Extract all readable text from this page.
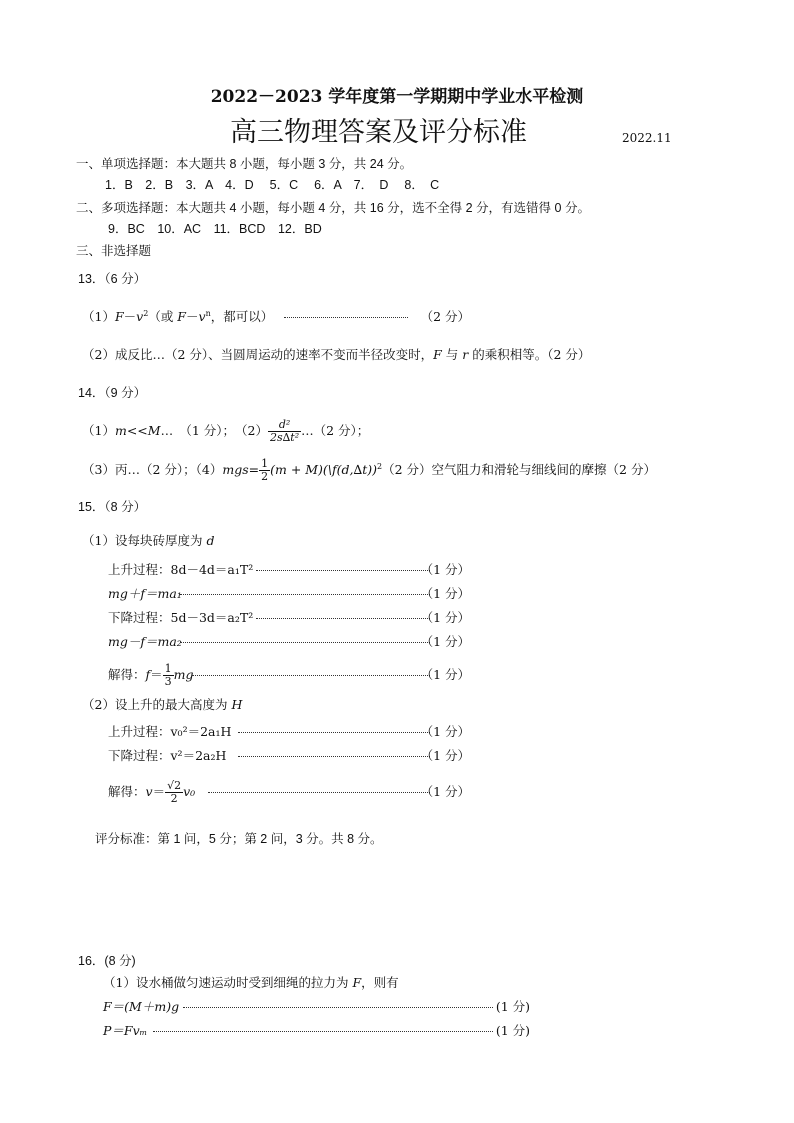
2022－2023 学年度第一学期期中学业水平检测
高三物理答案及评分标准	2022.11
一、单项选择题：本大题共 8 小题，每小题 3 分，共 24 分。
1．B　2．B　3．A　4．D　 5．C　 6．A　7．　D　 8．　C
二、多项选择题：本大题共 4 小题，每小题 4 分，共 16 分，选不全得 2 分，有选错得 0 分。
9．BC　10．AC　11．BCD　12．BD
三、非选择题
13．（6 分）
$(1)F-v^2$（或 $F-v^n$，都可以）	（2 分）
（2）成反比…（2 分）、当圆周运动的速率不变而半径改变时，F 与 r 的乘积相等。（2 分）
14．（9 分）
（1）m<<M…　（1 分）；　$(2) \frac{\text{d²}}{\text{2s∆t²}}$ …（2 分）；
（3）丙…（2 分）；$(4)mgs= \frac{1}{2} (m$ + M)(\f(d,∆t))$^2$（2 分）空气阻力和滑轮与细线间的摩擦（2 分）
15．（8 分）
（1）设每块砖厚度为 d
上升过程：8d－4d＝a₁T²	（1 分）
mg＋f＝ma₁	（1 分）
下降过程：5d－3d＝a₂T²	（1 分）
mg－f＝ma₂	（1 分）
解得：$f= \frac{1}{3}$ mg	（1 分）
（2）设上升的最大高度为 H
上升过程：v₀²＝2a₁H	（1 分）
下降过程：v²＝2a₂H	（1 分）
解得：$v= \frac{√2}{2} v_0$	（1 分）
评分标准：第 1 问，5 分；第 2 问，3 分。共 8 分。
16．(8 分)
（1）设水桶做匀速运动时受到细绳的拉力为 F，则有
F＝(M＋m)g	(1 分)
P＝Fvₘ	(1 分)
